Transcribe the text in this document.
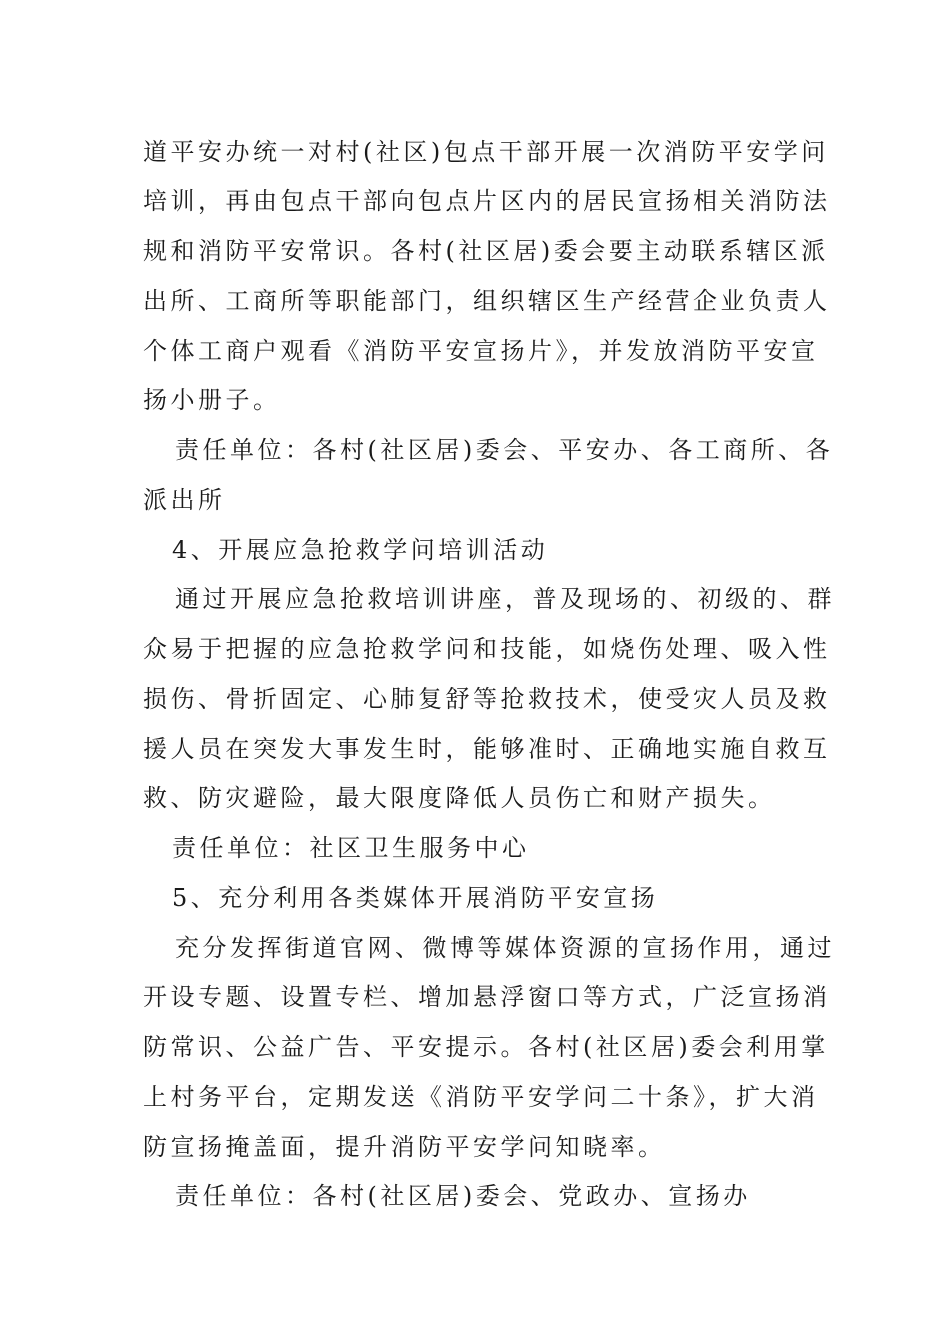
道平安办统一对村(社区)包点干部开展一次消防平安学问
培训，再由包点干部向包点片区内的居民宣扬相关消防法
规和消防平安常识。各村(社区居)委会要主动联系辖区派
出所、工商所等职能部门，组织辖区生产经营企业负责人
个体工商户观看《消防平安宣扬片》，并发放消防平安宣
扬小册子。
责任单位：各村(社区居)委会、平安办、各工商所、各
派出所
4、开展应急抢救学问培训活动
通过开展应急抢救培训讲座，普及现场的、初级的、群
众易于把握的应急抢救学问和技能，如烧伤处理、吸入性
损伤、骨折固定、心肺复舒等抢救技术，使受灾人员及救
援人员在突发大事发生时，能够准时、正确地实施自救互
救、防灾避险，最大限度降低人员伤亡和财产损失。
责任单位：社区卫生服务中心
5、充分利用各类媒体开展消防平安宣扬
充分发挥街道官网、微博等媒体资源的宣扬作用，通过
开设专题、设置专栏、增加悬浮窗口等方式，广泛宣扬消
防常识、公益广告、平安提示。各村(社区居)委会利用掌
上村务平台，定期发送《消防平安学问二十条》，扩大消
防宣扬掩盖面，提升消防平安学问知晓率。
责任单位：各村(社区居)委会、党政办、宣扬办
